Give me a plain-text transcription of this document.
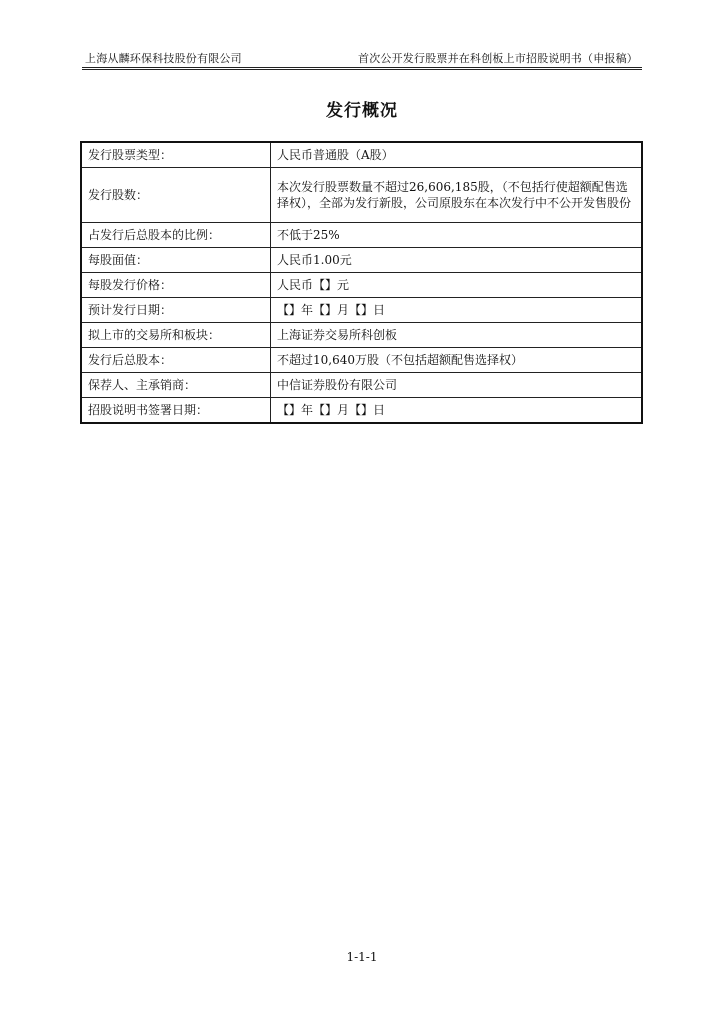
上海从麟环保科技股份有限公司	首次公开发行股票并在科创板上市招股说明书（申报稿）
发行概况
发行股票类型：	人民币普通股（A股）
发行股数：	本次发行股票数量不超过26,606,185股，（不包括行使超额配售选择权），全部为发行新股，公司原股东在本次发行中不公开发售股份
占发行后总股本的比例：	不低于25%
每股面值：	人民币1.00元
每股发行价格：	人民币【】元
预计发行日期：	【】年【】月【】日
拟上市的交易所和板块：	上海证券交易所科创板
发行后总股本：	不超过10,640万股（不包括超额配售选择权）
保荐人、主承销商：	中信证券股份有限公司
招股说明书签署日期：	【】年【】月【】日
1-1-1
